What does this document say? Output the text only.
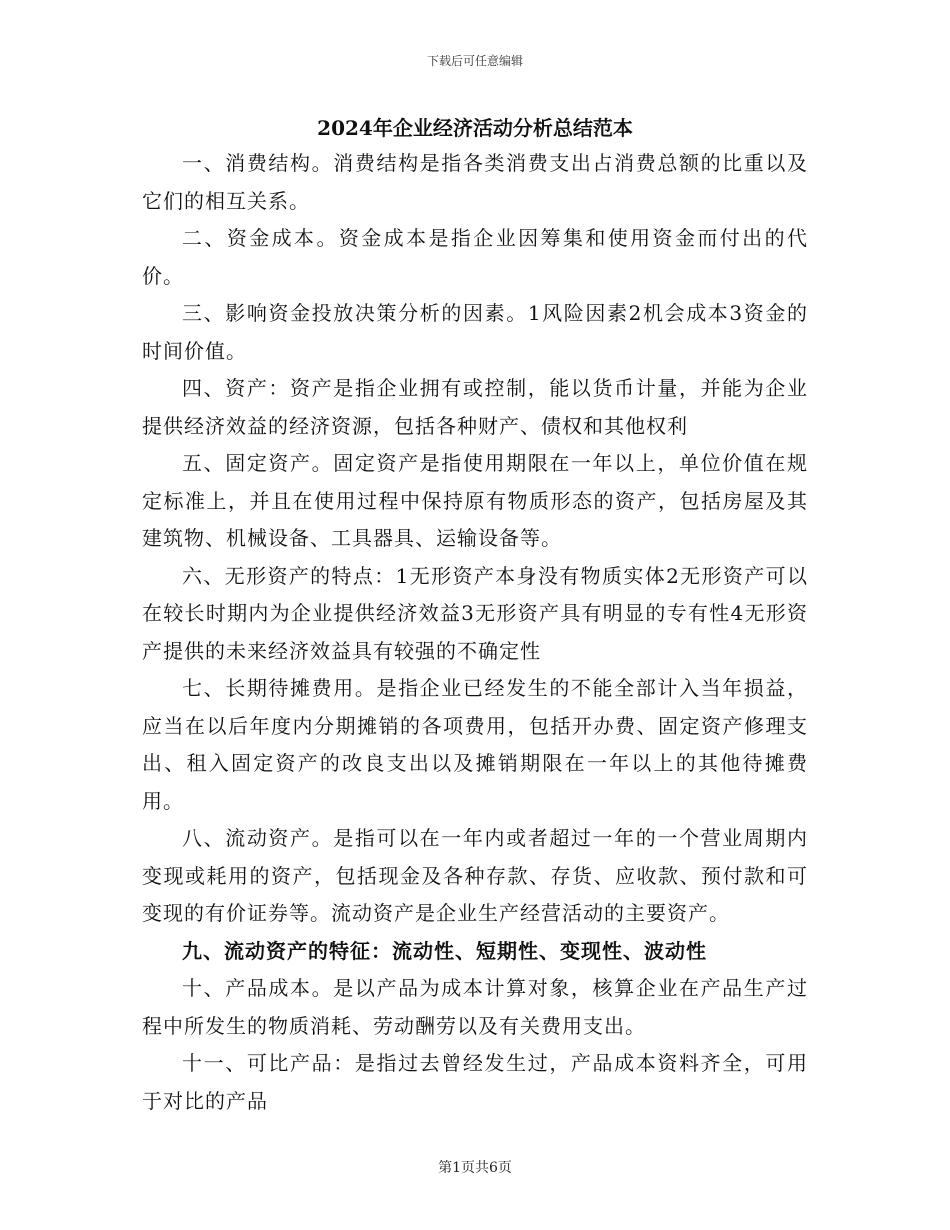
下载后可任意编辑
2024年企业经济活动分析总结范本

一、消费结构。消费结构是指各类消费支出占消费总额的比重以及它们的相互关系。

二、资金成本。资金成本是指企业因筹集和使用资金而付出的代价。

三、影响资金投放决策分析的因素。1风险因素2机会成本3资金的时间价值。

四、资产：资产是指企业拥有或控制，能以货币计量，并能为企业提供经济效益的经济资源，包括各种财产、债权和其他权利

五、固定资产。固定资产是指使用期限在一年以上，单位价值在规定标准上，并且在使用过程中保持原有物质形态的资产，包括房屋及其建筑物、机械设备、工具器具、运输设备等。

六、无形资产的特点：1无形资产本身没有物质实体2无形资产可以在较长时期内为企业提供经济效益3无形资产具有明显的专有性4无形资产提供的未来经济效益具有较强的不确定性

七、长期待摊费用。是指企业已经发生的不能全部计入当年损益，应当在以后年度内分期摊销的各项费用，包括开办费、固定资产修理支出、租入固定资产的改良支出以及摊销期限在一年以上的其他待摊费用。

八、流动资产。是指可以在一年内或者超过一年的一个营业周期内变现或耗用的资产，包括现金及各种存款、存货、应收款、预付款和可变现的有价证券等。流动资产是企业生产经营活动的主要资产。

九、流动资产的特征：流动性、短期性、变现性、波动性

十、产品成本。是以产品为成本计算对象，核算企业在产品生产过程中所发生的物质消耗、劳动酬劳以及有关费用支出。

十一、可比产品：是指过去曾经发生过，产品成本资料齐全，可用于对比的产品

第1页共6页
